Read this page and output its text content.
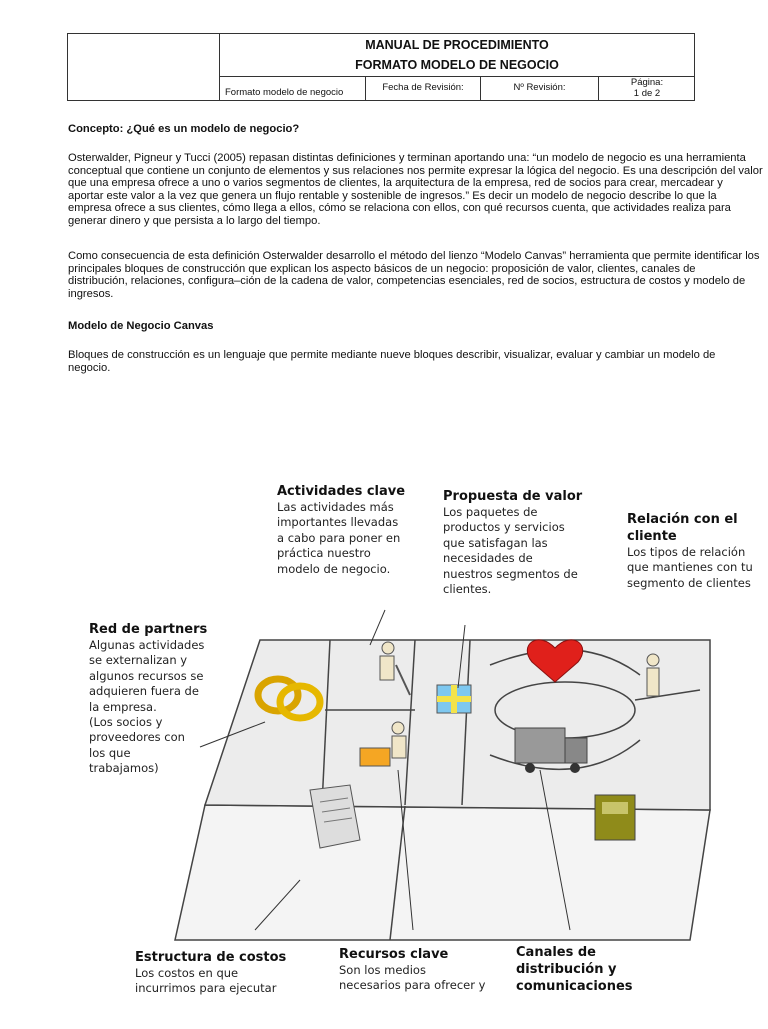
MANUAL DE PROCEDIMIENTO
FORMATO MODELO DE NEGOCIO
Formato modelo de negocio	Fecha de Revisión:	Nº Revisión:	Página:
1 de 2
Concepto: ¿Qué es un modelo de negocio?
Osterwalder, Pigneur y Tucci (2005) repasan distintas definiciones y terminan aportando una: “un modelo de negocio es una herramienta
conceptual que contiene un conjunto de elementos y sus relaciones nos permite expresar la lógica del negocio. Es una descripción del valor
que una empresa ofrece a uno o varios segmentos de clientes, la arquitectura de la empresa, red de socios para crear, mercadear y
aportar este valor a la vez que genera un flujo rentable y sostenible de ingresos.” Es decir un modelo de negocio describe lo que la
empresa ofrece a sus clientes, cómo llega a ellos, cómo se relaciona con ellos, con qué recursos cuenta, que actividades realiza para
generar dinero y que persista a lo largo del tiempo.
Como consecuencia de esta definición Osterwalder desarrollo el método del lienzo “Modelo Canvas” herramienta que permite identificar los
principales bloques de construcción que explican los aspecto básicos de un negocio: proposición de valor, clientes, canales de
distribución, relaciones, configura–ción de la cadena de valor, competencias esenciales, red de socios, estructura de costos y modelo de
ingresos.
Modelo de Negocio Canvas
Bloques de construcción es un lenguaje que permite mediante nueve bloques describir, visualizar, evaluar y cambiar un modelo de
negocio.
Actividades clave
Las actividades más
importantes llevadas
a cabo para poner en
práctica nuestro
modelo de negocio.
Propuesta de valor
Los paquetes de
productos y servicios
que satisfagan las
necesidades de
nuestros segmentos de
clientes.
Relación con el
cliente
Los tipos de relación
que mantienes con tu
segmento de clientes
Red de partners
Algunas actividades
se externalizan y
algunos recursos se
adquieren fuera de
la empresa.
(Los socios y
proveedores con
los que
trabajamos)
Estructura de costos
Los costos en que
incurrimos para ejecutar
Recursos clave
Son los medios
necesarios para ofrecer y
Canales de
distribución y
comunicaciones
